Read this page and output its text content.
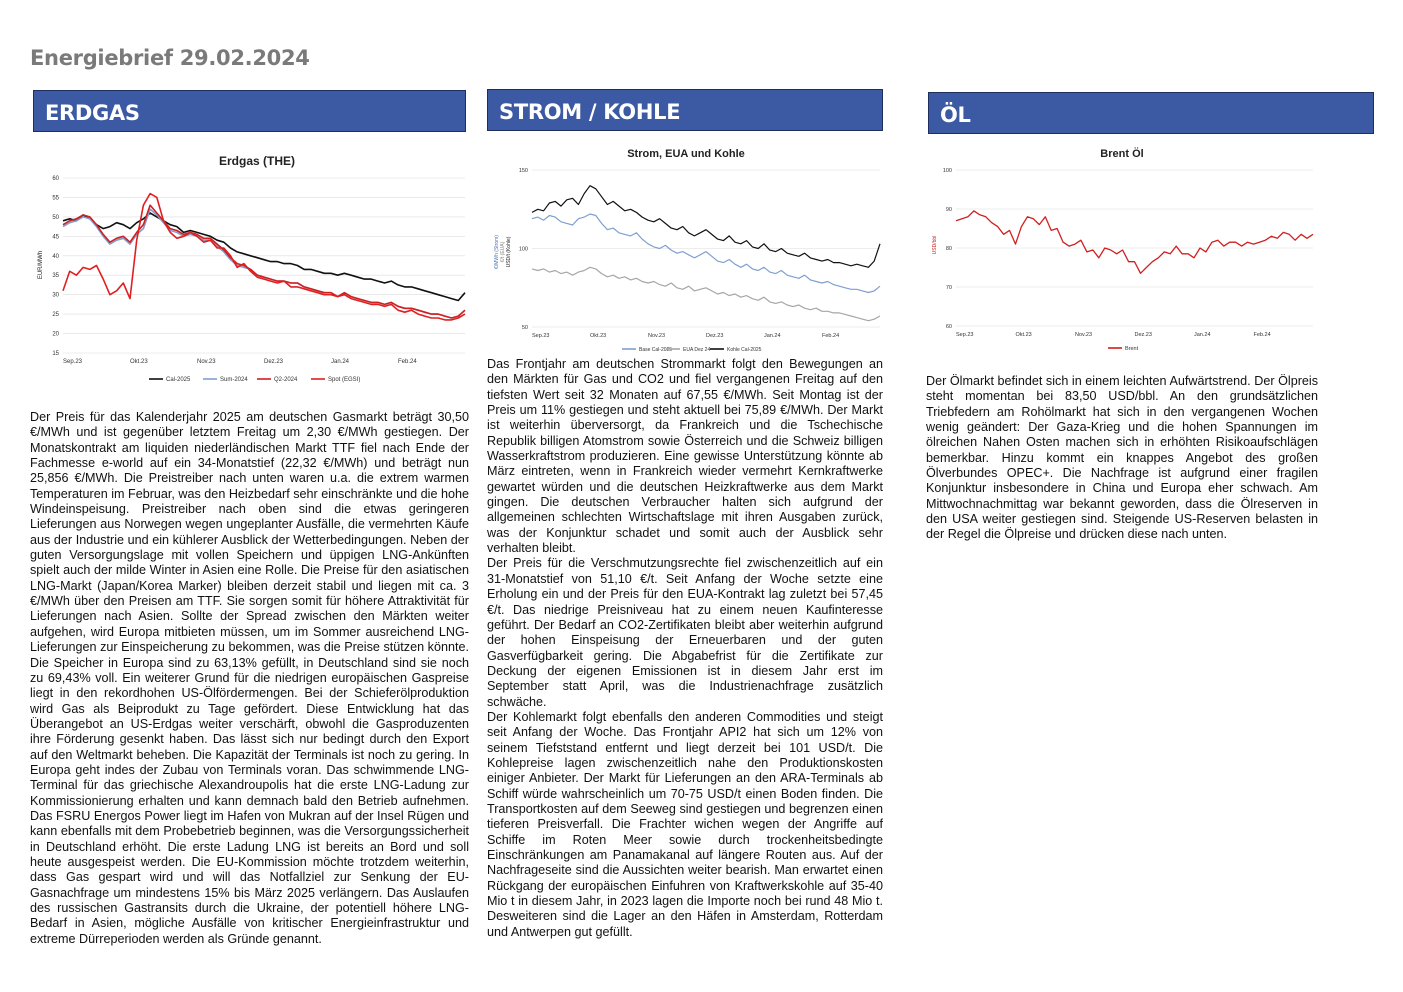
Energiebrief 29.02.2024
ERDGAS
Erdgas (THE)
EUR/MWh
15
20
25
30
35
40
45
50
55
60
Sep.23	Okt.23	Nov.23	Dez.23	Jan.24	Feb.24
Cal-2025	Sum-2024	Q2-2024	Spot (EGSI)

Der Preis für das Kalenderjahr 2025 am deutschen Gasmarkt beträgt 30,50 €/MWh und ist gegenüber letztem Freitag um 2,30 €/MWh gestiegen. Der Monatskontrakt am liquiden niederländischen Markt TTF fiel nach Ende der Fachmesse e-world auf ein 34-Monatstief (22,32 €/MWh) und beträgt nun 25,856 €/MWh. Die Preistreiber nach unten waren u.a. die extrem warmen Temperaturen im Februar, was den Heizbedarf sehr einschränkte und die hohe Windeinspeisung. Preistreiber nach oben sind die etwas geringeren Lieferungen aus Norwegen wegen ungeplanter Ausfälle, die vermehrten Käufe aus der Industrie und ein kühlerer Ausblick der Wetterbedingungen. Neben der guten Versorgungslage mit vollen Speichern und üppigen LNG-Ankünften spielt auch der milde Winter in Asien eine Rolle. Die Preise für den asiatischen LNG-Markt (Japan/Korea Marker) bleiben derzeit stabil und liegen mit ca. 3 €/MWh über den Preisen am TTF. Sie sorgen somit für höhere Attraktivität für Lieferungen nach Asien. Sollte der Spread zwischen den Märkten weiter aufgehen, wird Europa mitbieten müssen, um im Sommer ausreichend LNG-Lieferungen zur Einspeicherung zu bekommen, was die Preise stützen könnte. Die Speicher in Europa sind zu 63,13% gefüllt, in Deutschland sind sie noch zu 69,43% voll. Ein weiterer Grund für die niedrigen europäischen Gaspreise liegt in den rekordhohen US-Ölfördermengen. Bei der Schieferölproduktion wird Gas als Beiprodukt zu Tage gefördert. Diese Entwicklung hat das Überangebot an US-Erdgas weiter verschärft, obwohl die Gasproduzenten ihre Förderung gesenkt haben. Das lässt sich nur bedingt durch den Export auf den Weltmarkt beheben. Die Kapazität der Terminals ist noch zu gering. In Europa geht indes der Zubau von Terminals voran. Das schwimmende LNG-Terminal für das griechische Alexandroupolis hat die erste LNG-Ladung zur Kommissionierung erhalten und kann demnach bald den Betrieb aufnehmen. Das FSRU Energos Power liegt im Hafen von Mukran auf der Insel Rügen und kann ebenfalls mit dem Probebetrieb beginnen, was die Versorgungssicherheit in Deutschland erhöht. Die erste Ladung LNG ist bereits an Bord und soll heute ausgespeist werden. Die EU-Kommission möchte trotzdem weiterhin, dass Gas gespart wird und will das Notfallziel zur Senkung der EU-Gasnachfrage um mindestens 15% bis März 2025 verlängern. Das Auslaufen des russischen Gastransits durch die Ukraine, der potentiell höhere LNG-Bedarf in Asien, mögliche Ausfälle von kritischer Energieinfrastruktur und extreme Dürreperioden werden als Gründe genannt.

STROM / KOHLE
Strom, EUA und Kohle
€/MWh (Strom) €/t (EUA) USD/t (Kohle)
50
100
150
Sep.23	Okt.23	Nov.23	Dez.23	Jan.24	Feb.24
Base Cal-2025 EUA Dez 24	Kohle Cal-2025

Das Frontjahr am deutschen Strommarkt folgt den Bewegungen an den Märkten für Gas und CO2 und fiel vergangenen Freitag auf den tiefsten Wert seit 32 Monaten auf 67,55 €/MWh. Seit Montag ist der Preis um 11% gestiegen und steht aktuell bei 75,89 €/MWh. Der Markt ist weiterhin überversorgt, da Frankreich und die Tschechische Republik billigen Atomstrom sowie Österreich und die Schweiz billigen Wasserkraftstrom produzieren. Eine gewisse Unterstützung könnte ab März eintreten, wenn in Frankreich wieder vermehrt Kernkraftwerke gewartet würden und die deutschen Heizkraftwerke aus dem Markt gingen. Die deutschen Verbraucher halten sich aufgrund der allgemeinen schlechten Wirtschaftslage mit ihren Ausgaben zurück, was der Konjunktur schadet und somit auch der Ausblick sehr verhalten bleibt.

Der Preis für die Verschmutzungsrechte fiel zwischenzeitlich auf ein 31-Monatstief von 51,10 €/t. Seit Anfang der Woche setzte eine Erholung ein und der Preis für den EUA-Kontrakt lag zuletzt bei 57,45 €/t. Das niedrige Preisniveau hat zu einem neuen Kaufinteresse geführt. Der Bedarf an CO2-Zertifikaten bleibt aber weiterhin aufgrund der hohen Einspeisung der Erneuerbaren und der guten Gasverfügbarkeit gering. Die Abgabefrist für die Zertifikate zur Deckung der eigenen Emissionen ist in diesem Jahr erst im September statt April, was die Industrienachfrage zusätzlich schwäche.

Der Kohlemarkt folgt ebenfalls den anderen Commodities und steigt seit Anfang der Woche. Das Frontjahr API2 hat sich um 12% von seinem Tiefststand entfernt und liegt derzeit bei 101 USD/t. Die Kohlepreise lagen zwischenzeitlich nahe den Produktionskosten einiger Anbieter. Der Markt für Lieferungen an den ARA-Terminals ab Schiff würde wahrscheinlich um 70-75 USD/t einen Boden finden. Die Transportkosten auf dem Seeweg sind gestiegen und begrenzen einen tieferen Preisverfall. Die Frachter wichen wegen der Angriffe auf Schiffe im Roten Meer sowie durch trockenheitsbedingte Einschränkungen am Panamakanal auf längere Routen aus. Auf der Nachfrageseite sind die Aussichten weiter bearish. Man erwartet einen Rückgang der europäischen Einfuhren von Kraftwerkskohle auf 35-40 Mio t in diesem Jahr, in 2023 lagen die Importe noch bei rund 48 Mio t. Desweiteren sind die Lager an den Häfen in Amsterdam, Rotterdam und Antwerpen gut gefüllt.

ÖL
Brent Öl
USD/bbl
60
70
80
90
100
Sep.23	Okt.23	Nov.23	Dez.23	Jan.24	Feb.24
Brent

Der Ölmarkt befindet sich in einem leichten Aufwärtstrend. Der Ölpreis steht momentan bei 83,50 USD/bbl. An den grundsätzlichen Triebfedern am Rohölmarkt hat sich in den vergangenen Wochen wenig geändert: Der Gaza-Krieg und die hohen Spannungen im ölreichen Nahen Osten machen sich in erhöhten Risikoaufschlägen bemerkbar. Hinzu kommt ein knappes Angebot des großen Ölverbundes OPEC+. Die Nachfrage ist aufgrund einer fragilen Konjunktur insbesondere in China und Europa eher schwach. Am Mittwochnachmittag war bekannt geworden, dass die Ölreserven in den USA weiter gestiegen sind. Steigende US-Reserven belasten in der Regel die Ölpreise und drücken diese nach unten.
